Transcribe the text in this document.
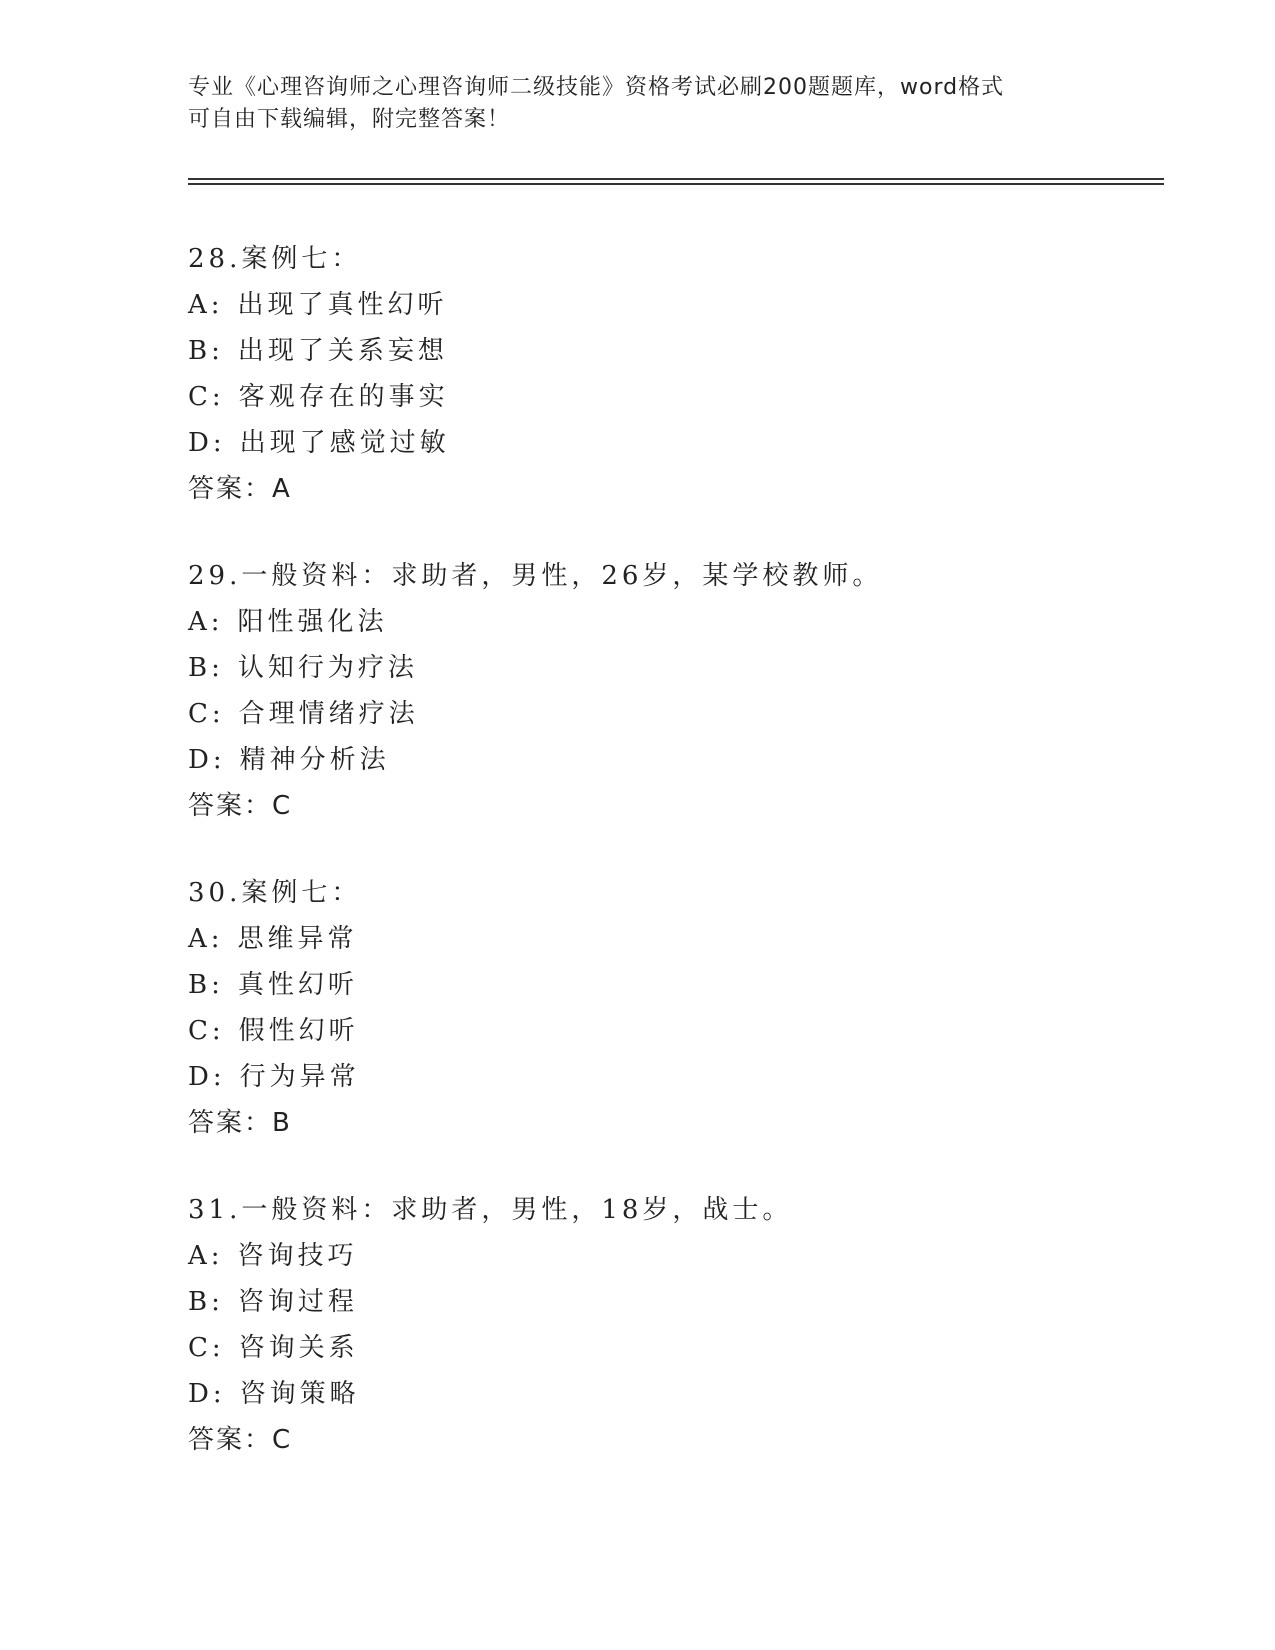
专业《心理咨询师之心理咨询师二级技能》资格考试必刷200题题库，word格式
可自由下载编辑，附完整答案！
28.案例七：
A: 出现了真性幻听
B: 出现了关系妄想
C: 客观存在的事实
D: 出现了感觉过敏
答案：A
29.一般资料：求助者，男性，26岁，某学校教师。
A: 阳性强化法
B: 认知行为疗法
C: 合理情绪疗法
D: 精神分析法
答案：C
30.案例七：
A: 思维异常
B: 真性幻听
C: 假性幻听
D: 行为异常
答案：B
31.一般资料：求助者，男性，18岁，战士。
A: 咨询技巧
B: 咨询过程
C: 咨询关系
D: 咨询策略
答案：C
